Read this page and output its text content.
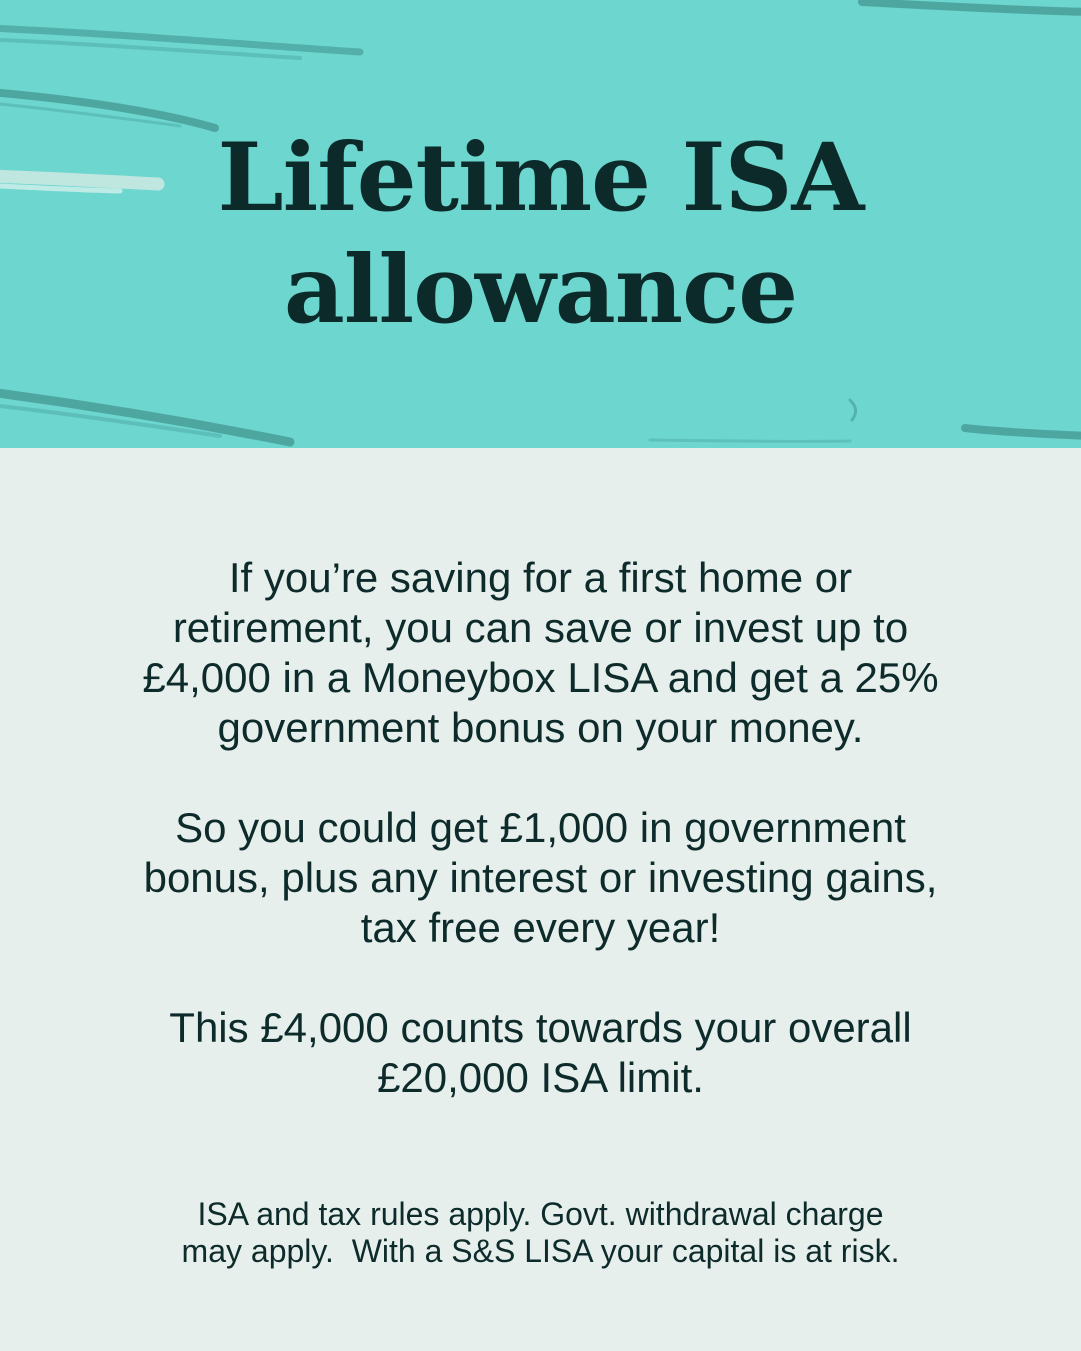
Lifetime ISA
allowance

If you’re saving for a first home or
retirement, you can save or invest up to
£4,000 in a Moneybox LISA and get a 25%
government bonus on your money.

So you could get £1,000 in government
bonus, plus any interest or investing gains,
tax free every year!

This £4,000 counts towards your overall
£20,000 ISA limit.

ISA and tax rules apply. Govt. withdrawal charge
may apply.  With a S&S LISA your capital is at risk.
